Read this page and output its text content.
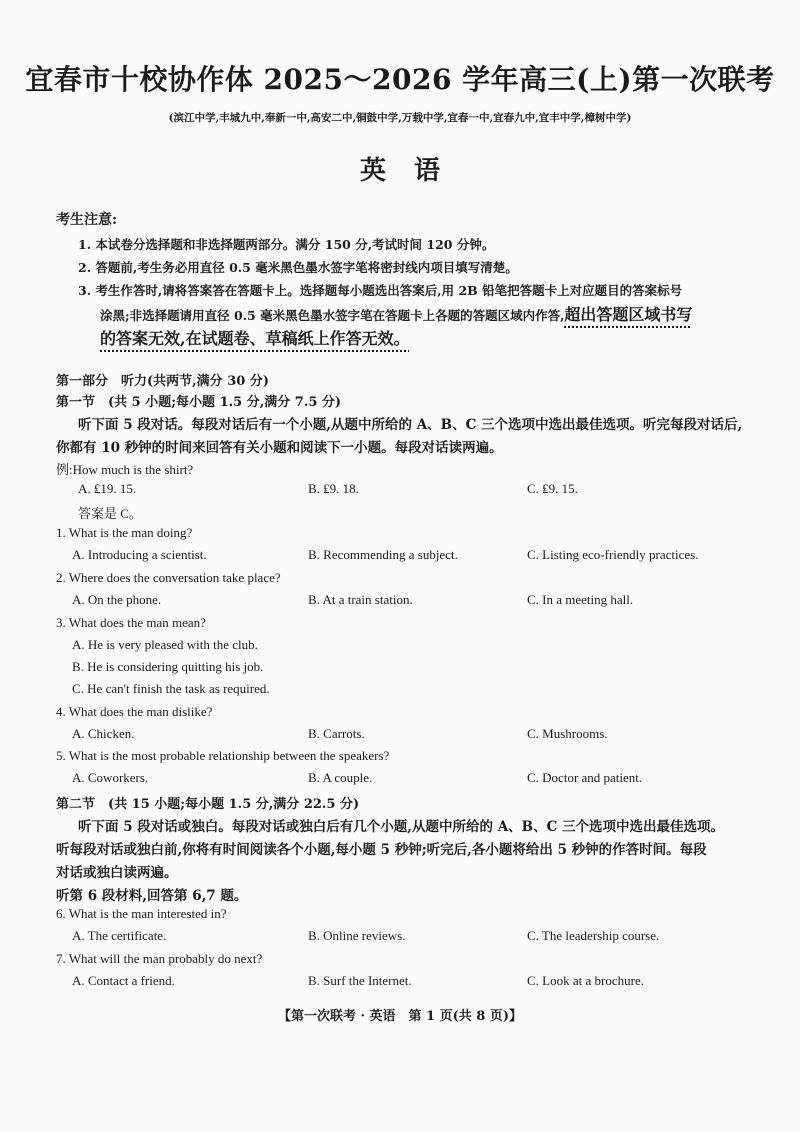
宜春市十校协作体 2025～2026 学年高三(上)第一次联考
(滨江中学,丰城九中,奉新一中,高安二中,铜鼓中学,万载中学,宜春一中,宜春九中,宜丰中学,樟树中学)
英语
考生注意:
1. 本试卷分选择题和非选择题两部分。满分 150 分,考试时间 120 分钟。
2. 答题前,考生务必用直径 0.5 毫米黑色墨水签字笔将密封线内项目填写清楚。
3. 考生作答时,请将答案答在答题卡上。选择题每小题选出答案后,用 2B 铅笔把答题卡上对应题目的答案标号
涂黑;非选择题请用直径 0.5 毫米黑色墨水签字笔在答题卡上各题的答题区域内作答,超出答题区域书写
的答案无效,在试题卷、草稿纸上作答无效。
第一部分　听力(共两节,满分 30 分)
第一节　(共 5 小题;每小题 1.5 分,满分 7.5 分)
听下面 5 段对话。每段对话后有一个小题,从题中所给的 A、B、C 三个选项中选出最佳选项。听完每段对话后,
你都有 10 秒钟的时间来回答有关小题和阅读下一小题。每段对话读两遍。
例:How much is the shirt?
A. ₤19. 15.	B. ₤9. 18.	C. ₤9. 15.
答案是 C。
1. What is the man doing?
A. Introducing a scientist.	B. Recommending a subject.	C. Listing eco-friendly practices.
2. Where does the conversation take place?
A. On the phone.	B. At a train station.	C. In a meeting hall.
3. What does the man mean?
A. He is very pleased with the club.
B. He is considering quitting his job.
C. He can't finish the task as required.
4. What does the man dislike?
A. Chicken.	B. Carrots.	C. Mushrooms.
5. What is the most probable relationship between the speakers?
A. Coworkers.	B. A couple.	C. Doctor and patient.
第二节　(共 15 小题;每小题 1.5 分,满分 22.5 分)
听下面 5 段对话或独白。每段对话或独白后有几个小题,从题中所给的 A、B、C 三个选项中选出最佳选项。
听每段对话或独白前,你将有时间阅读各个小题,每小题 5 秒钟;听完后,各小题将给出 5 秒钟的作答时间。每段
对话或独白读两遍。
听第 6 段材料,回答第 6,7 题。
6. What is the man interested in?
A. The certificate.	B. Online reviews.	C. The leadership course.
7. What will the man probably do next?
A. Contact a friend.	B. Surf the Internet.	C. Look at a brochure.
【第一次联考 · 英语　第 1 页(共 8 页)】
